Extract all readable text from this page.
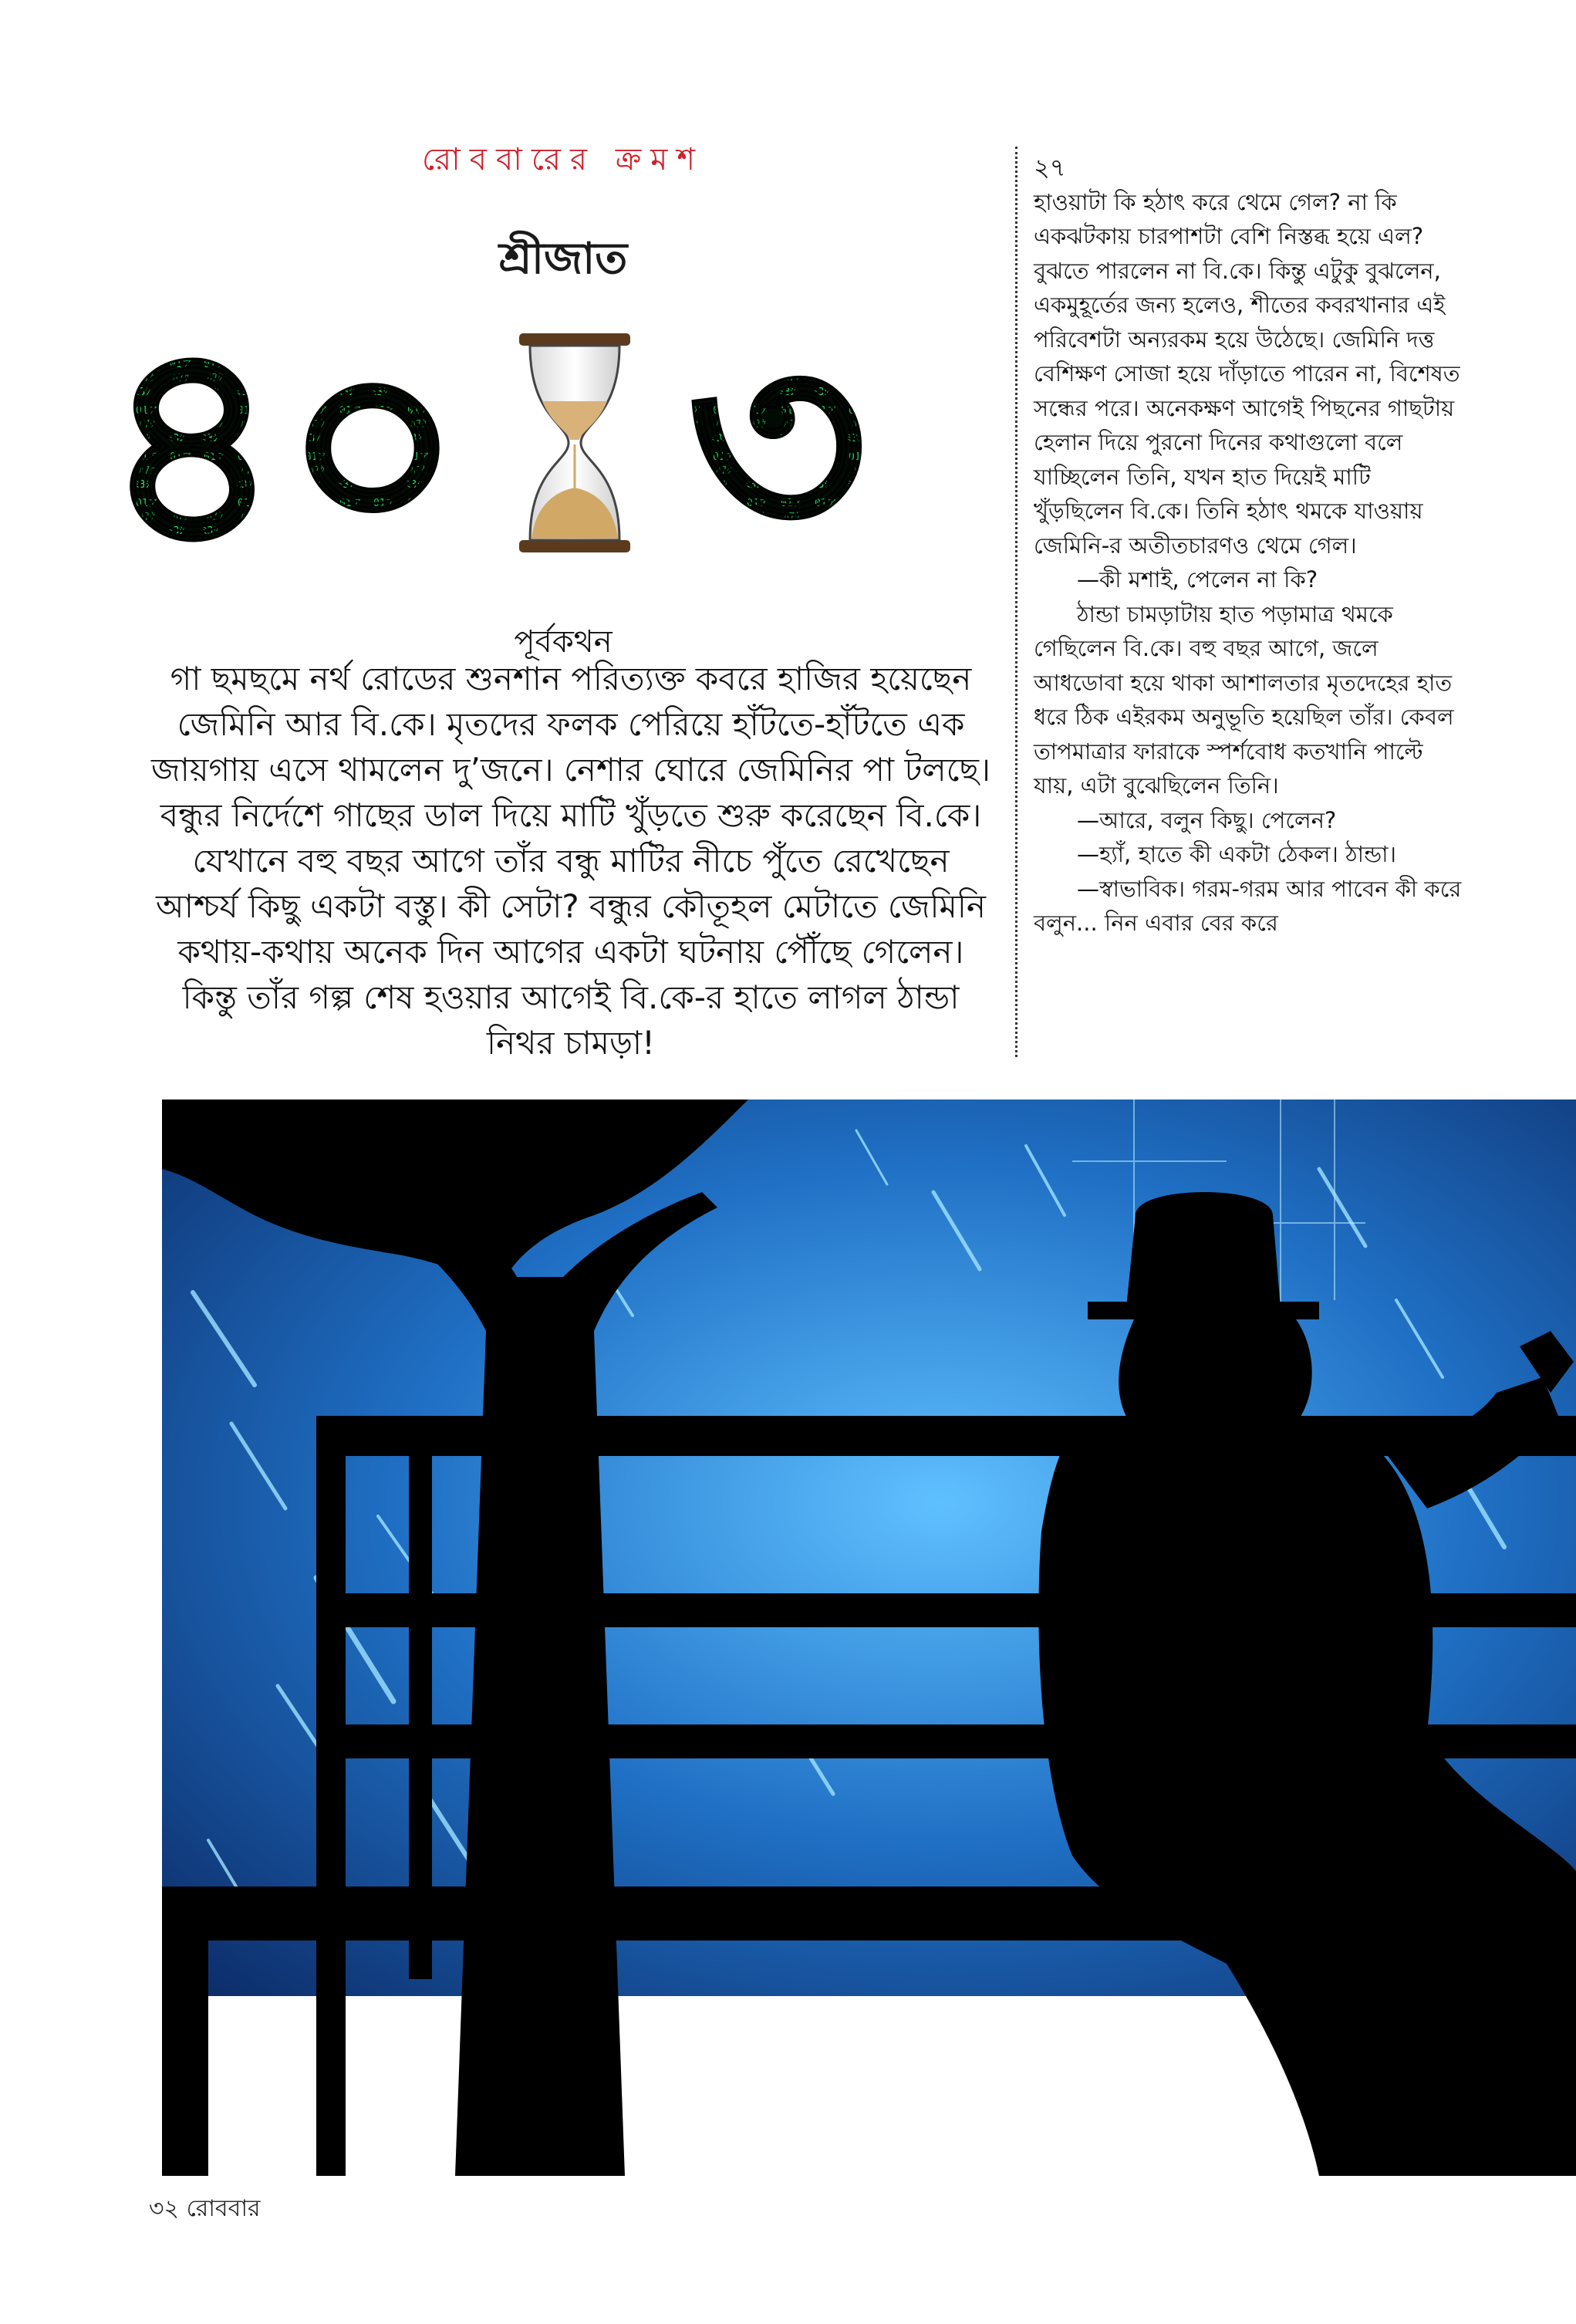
রোববারের ক্রমশ
শ্রীজাত
৪০ ৩
পূর্বকথন
গা ছমছমে নর্থ রোডের শুনশান পরিত্যক্ত কবরে হাজির হয়েছেন জেমিনি আর বি.কে। মৃতদের ফলক পেরিয়ে হাঁটতে-হাঁটতে এক জায়গায় এসে থামলেন দু’জনে। নেশার ঘোরে জেমিনির পা টলছে। বন্ধুর নির্দেশে গাছের ডাল দিয়ে মাটি খুঁড়তে শুরু করেছেন বি.কে। যেখানে বহু বছর আগে তাঁর বন্ধু মাটির নীচে পুঁতে রেখেছেন আশ্চর্য কিছু একটা বস্তু। কী সেটা? বন্ধুর কৌতূহল মেটাতে জেমিনি কথায়-কথায় অনেক দিন আগের একটা ঘটনায় পৌঁছে গেলেন। কিন্তু তাঁর গল্প শেষ হওয়ার আগেই বি.কে-র হাতে লাগল ঠান্ডা নিথর চামড়া!

২৭

হাওয়াটা কি হঠাৎ করে থেমে গেল? না কি একঝটকায় চারপাশটা বেশি নিস্তব্ধ হয়ে এল? বুঝতে পারলেন না বি.কে। কিন্তু এটুকু বুঝলেন, একমুহূর্তের জন্য হলেও, শীতের কবরখানার এই পরিবেশটা অন্যরকম হয়ে উঠেছে। জেমিনি দত্ত বেশিক্ষণ সোজা হয়ে দাঁড়াতে পারেন না, বিশেষত সন্ধের পরে। অনেকক্ষণ আগেই পিছনের গাছটায় হেলান দিয়ে পুরনো দিনের কথাগুলো বলে যাচ্ছিলেন তিনি, যখন হাত দিয়েই মাটি খুঁড়ছিলেন বি.কে। তিনি হঠাৎ থমকে যাওয়ায় জেমিনি-র অতীতচারণও থেমে গেল।

—কী মশাই, পেলেন না কি?

ঠান্ডা চামড়াটায় হাত পড়ামাত্র থমকে গেছিলেন বি.কে। বহু বছর আগে, জলে আধডোবা হয়ে থাকা আশালতার মৃতদেহের হাত ধরে ঠিক এইরকম অনুভূতি হয়েছিল তাঁর। কেবল তাপমাত্রার ফারাকে স্পর্শবোধ কতখানি পাল্টে যায়, এটা বুঝেছিলেন তিনি।

—আরে, বলুন কিছু। পেলেন?

—হ্যাঁ, হাতে কী একটা ঠেকল। ঠান্ডা।

—স্বাভাবিক। গরম-গরম আর পাবেন কী করে বলুন... নিন এবার বের করে

৩২ রোববার
